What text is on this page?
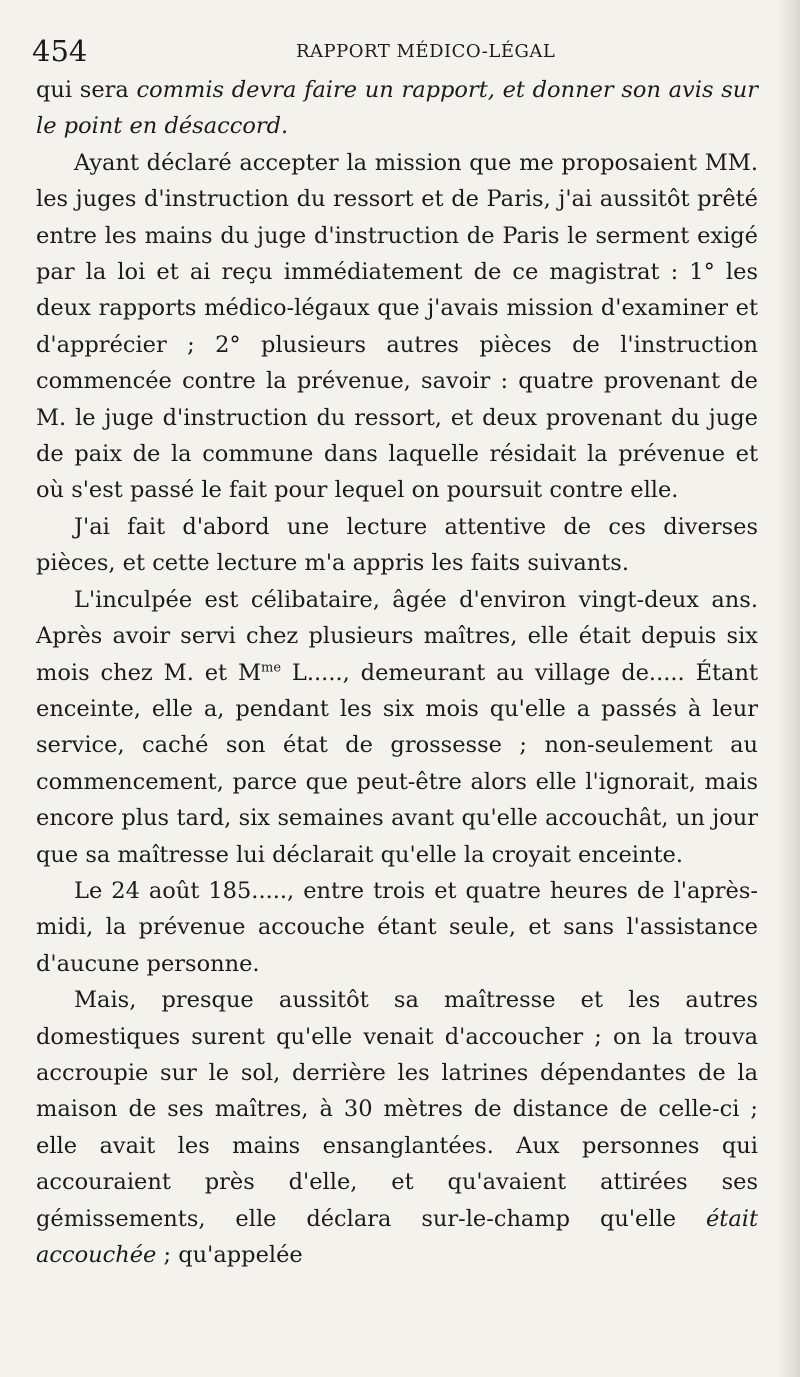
454	RAPPORT MÉDICO-LÉGAL

qui sera commis devra faire un rapport, et donner son avis sur le point en désaccord.

Ayant déclaré accepter la mission que me proposaient MM. les juges d'instruction du ressort et de Paris, j'ai aussitôt prêté entre les mains du juge d'instruction de Paris le serment exigé par la loi et ai reçu immédiatement de ce magistrat : 1° les deux rapports médico-légaux que j'avais mission d'examiner et d'apprécier ; 2° plusieurs autres pièces de l'instruction commencée contre la prévenue, savoir : quatre provenant de M. le juge d'instruction du ressort, et deux provenant du juge de paix de la commune dans laquelle résidait la prévenue et où s'est passé le fait pour lequel on poursuit contre elle.

J'ai fait d'abord une lecture attentive de ces diverses pièces, et cette lecture m'a appris les faits suivants.

L'inculpée est célibataire, âgée d'environ vingt-deux ans. Après avoir servi chez plusieurs maîtres, elle était depuis six mois chez M. et $M^{me}$ L....., demeurant au village de..... Étant enceinte, elle a, pendant les six mois qu'elle a passés à leur service, caché son état de grossesse ; non-seulement au commencement, parce que peut-être alors elle l'ignorait, mais encore plus tard, six semaines avant qu'elle accouchât, un jour que sa maîtresse lui déclarait qu'elle la croyait enceinte.

Le 24 août 185....., entre trois et quatre heures de l'après-midi, la prévenue accouche étant seule, et sans l'assistance d'aucune personne.

Mais, presque aussitôt sa maîtresse et les autres domestiques surent qu'elle venait d'accoucher ; on la trouva accroupie sur le sol, derrière les latrines dépendantes de la maison de ses maîtres, à 30 mètres de distance de celle-ci ; elle avait les mains ensanglantées. Aux personnes qui accouraient près d'elle, et qu'avaient attirées ses gémissements, elle déclara sur-le-champ qu'elle était accouchée ; qu'appelée
